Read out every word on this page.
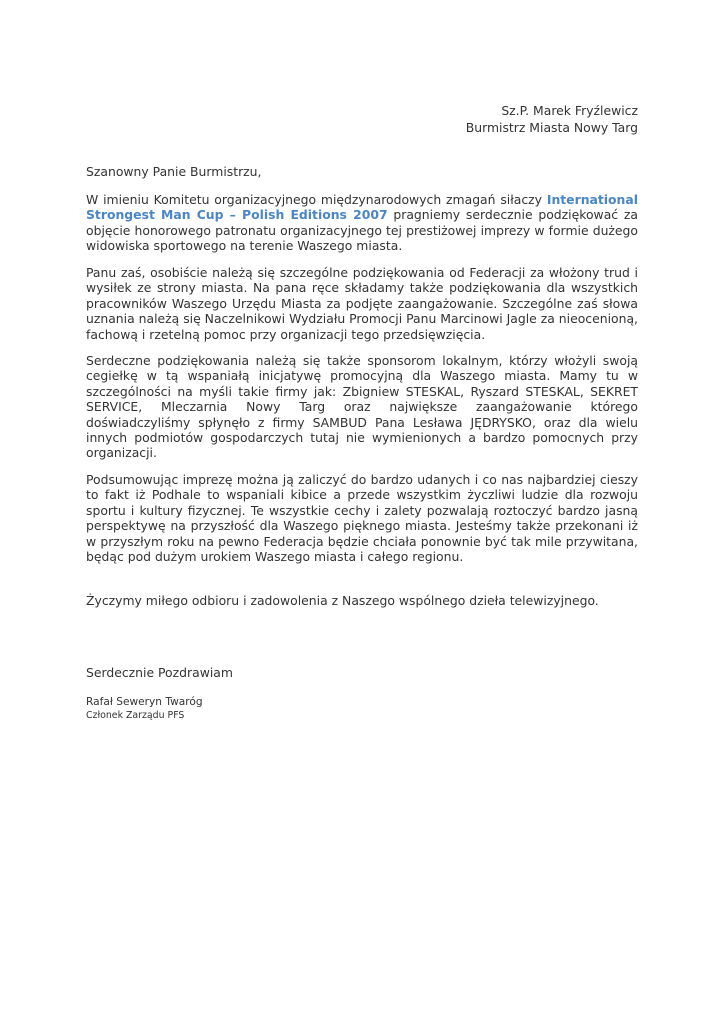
Sz.P. Marek Fryźlewicz
Burmistrz Miasta Nowy Targ
Szanowny Panie Burmistrzu,

W imieniu Komitetu organizacyjnego międzynarodowych zmagań siłaczy International Strongest Man Cup – Polish Editions 2007 pragniemy serdecznie podziękować za objęcie honorowego patronatu organizacyjnego tej prestiżowej imprezy w formie dużego widowiska sportowego na terenie Waszego miasta.

Panu zaś, osobiście należą się szczególne podziękowania od Federacji za włożony trud i wysiłek ze strony miasta. Na pana ręce składamy także podziękowania dla wszystkich pracowników Waszego Urzędu Miasta za podjęte zaangażowanie. Szczególne zaś słowa uznania należą się Naczelnikowi Wydziału Promocji Panu Marcinowi Jagle za nieocenioną, fachową i rzetelną pomoc przy organizacji tego przedsięwzięcia.

Serdeczne podziękowania należą się także sponsorom lokalnym, którzy włożyli swoją cegiełkę w tą wspaniałą inicjatywę promocyjną dla Waszego miasta. Mamy tu w szczególności na myśli takie firmy jak: Zbigniew STESKAL, Ryszard STESKAL, SEKRET SERVICE, Mleczarnia Nowy Targ oraz największe zaangażowanie którego doświadczyliśmy spłynęło z firmy SAMBUD Pana Lesława JĘDRYSKO, oraz dla wielu innych podmiotów gospodarczych tutaj nie wymienionych a bardzo pomocnych przy organizacji.

Podsumowując imprezę można ją zaliczyć do bardzo udanych i co nas najbardziej cieszy to fakt iż Podhale to wspaniali kibice a przede wszystkim życzliwi ludzie dla rozwoju sportu i kultury fizycznej. Te wszystkie cechy i zalety pozwalają roztoczyć bardzo jasną perspektywę na przyszłość dla Waszego pięknego miasta. Jesteśmy także przekonani iż w przyszłym roku na pewno Federacja będzie chciała ponownie być tak mile przywitana, będąc pod dużym urokiem Waszego miasta i całego regionu.

Życzymy miłego odbioru i zadowolenia z Naszego wspólnego dzieła telewizyjnego.
Serdecznie Pozdrawiam
Rafał Seweryn Twaróg
Członek Zarządu PFS
